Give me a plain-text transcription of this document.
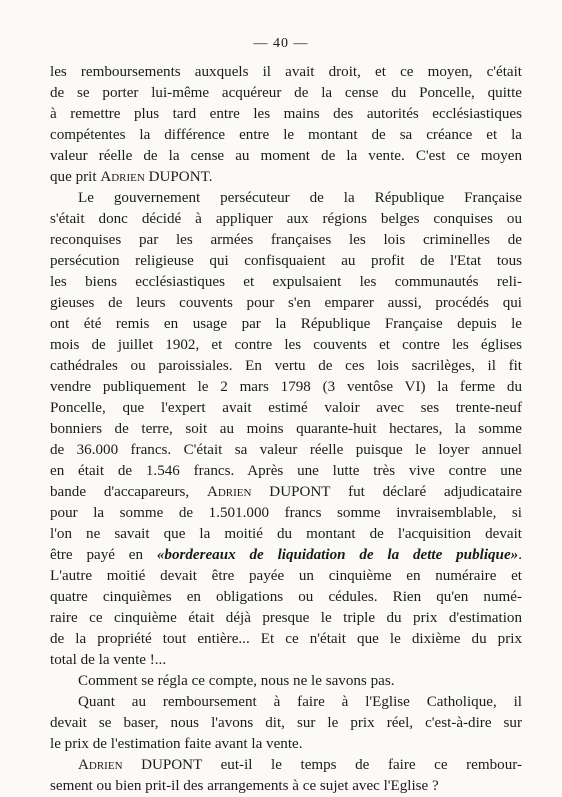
— 40 —
les remboursements auxquels il avait droit, et ce moyen, c'était
de se porter lui-même acquéreur de la cense du Poncelle, quitte
à remettre plus tard entre les mains des autorités ecclésiastiques
compétentes la différence entre le montant de sa créance et la
valeur réelle de la cense au moment de la vente. C'est ce moyen
que prit Adrien DUPONT.
Le gouvernement persécuteur de la République Française
s'était donc décidé à appliquer aux régions belges conquises ou
reconquises par les armées françaises les lois criminelles de
persécution religieuse qui confisquaient au profit de l'Etat tous
les biens ecclésiastiques et expulsaient les communautés reli-
gieuses de leurs couvents pour s'en emparer aussi, procédés qui
ont été remis en usage par la République Française depuis le
mois de juillet 1902, et contre les couvents et contre les églises
cathédrales ou paroissiales. En vertu de ces lois sacrilèges, il fit
vendre publiquement le 2 mars 1798 (3 ventôse VI) la ferme du
Poncelle, que l'expert avait estimé valoir avec ses trente-neuf
bonniers de terre, soit au moins quarante-huit hectares, la somme
de 36.000 francs. C'était sa valeur réelle puisque le loyer annuel
en était de 1.546 francs. Après une lutte très vive contre une
bande d'accapareurs, Adrien DUPONT fut déclaré adjudicataire
pour la somme de 1.501.000 francs somme invraisemblable, si
l'on ne savait que la moitié du montant de l'acquisition devait
être payé en «bordereaux de liquidation de la dette publique».
L'autre moitié devait être payée un cinquième en numéraire et
quatre cinquièmes en obligations ou cédules. Rien qu'en numé-
raire ce cinquième était déjà presque le triple du prix d'estimation
de la propriété tout entière... Et ce n'était que le dixième du prix
total de la vente !...
Comment se régla ce compte, nous ne le savons pas.
Quant au remboursement à faire à l'Eglise Catholique, il
devait se baser, nous l'avons dit, sur le prix réel, c'est-à-dire sur
le prix de l'estimation faite avant la vente.
Adrien DUPONT eut-il le temps de faire ce rembour-
sement ou bien prit-il des arrangements à ce sujet avec l'Eglise ?
